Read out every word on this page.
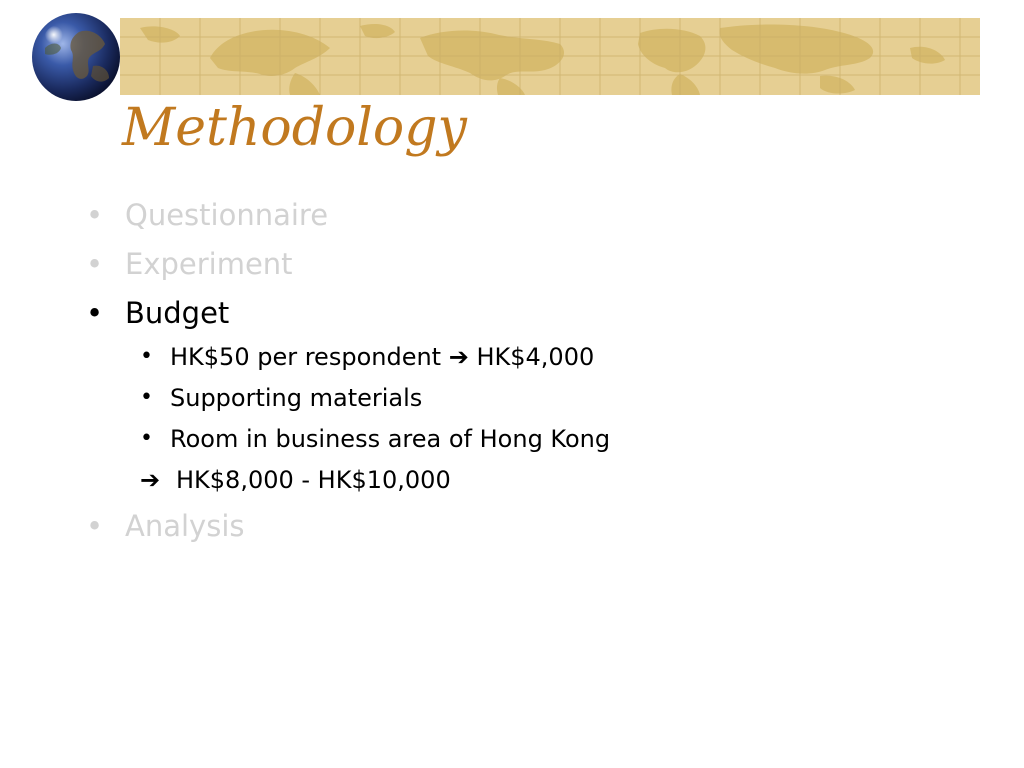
Methodology
• Questionnaire
• Experiment
• Budget
• HK$50 per respondent ➔ HK$4,000
• Supporting materials
• Room in business area of Hong Kong
➔ HK$8,000 - HK$10,000
• Analysis
